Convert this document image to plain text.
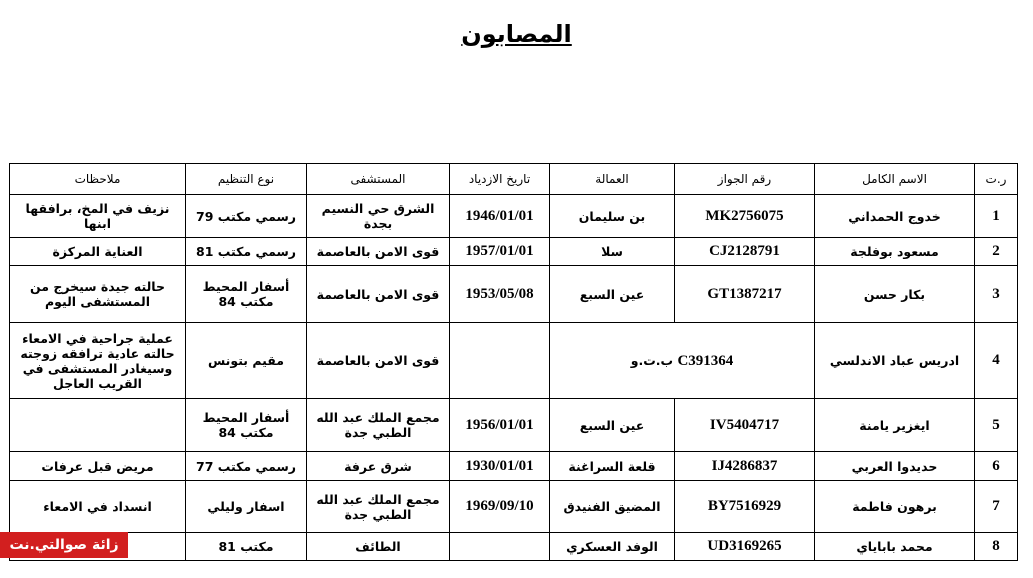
المصابون
ر.ت	الاسم الكامل	رقم الجواز	العمالة	تاريخ الازدياد	المستشفى	نوع التنظيم	ملاحظات
1	خدوج الحمداني	MK2756075	بن سليمان	1946/01/01	الشرق حي النسيم بجدة	رسمي مكتب 79	نزيف في المخ، برافقها ابنها
2	مسعود بوفلجة	CJ2128791	سلا	1957/01/01	قوى الامن بالعاصمة	رسمي مكتب 81	العناية المركزة
3	بكار حسن	GT1387217	عين السبع	1953/05/08	قوى الامن بالعاصمة	أسفار المحيط مكتب 84	حالته جيدة سيخرج من المستشفى اليوم
4	ادريس عباد الاندلسي	C391364 ب.ت.و			قوى الامن بالعاصمة	مقيم بتونس	عملية جراحية في الامعاء حالته عادية ترافقه زوجته وسيغادر المستشفى في القريب العاجل
5	ايغزير يامنة	IV5404717	عين السبع	1956/01/01	مجمع الملك عبد الله الطبي جدة	أسفار المحيط مكتب 84	
6	حديدوا العربي	IJ4286837	قلعة السراغنة	1930/01/01	شرق عرفة	رسمي مكتب 77	مريض قبل عرفات
7	برهون فاطمة	BY7516929	المضيق الفنيدق	1969/09/10	مجمع الملك عبد الله الطبي جدة	اسفار وليلي	انسداد في الامعاء
8	محمد باباياي	UD3169265	الوفد العسكري		الطائف	مكتب 81	
زائة صوالتي.نت
